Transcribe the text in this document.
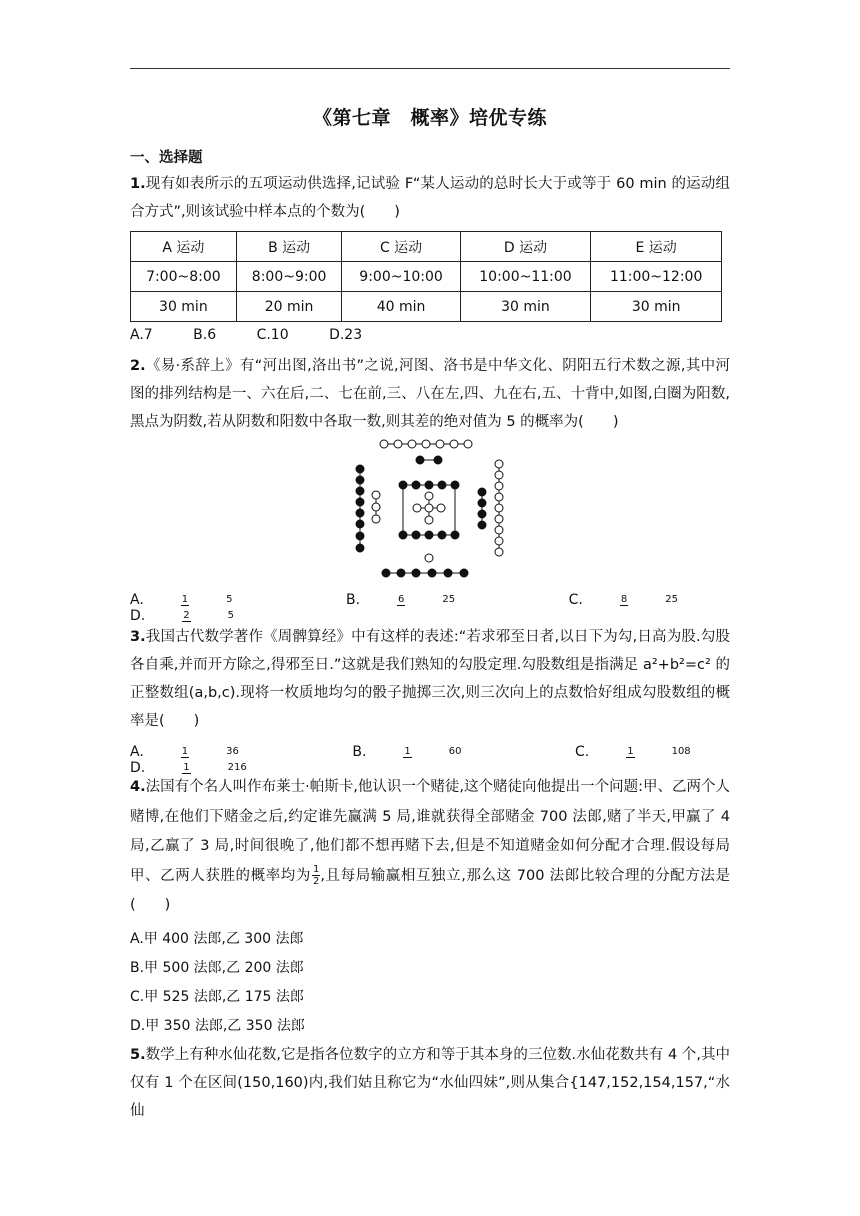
《第七章　概率》培优专练
一、选择题
1.现有如表所示的五项运动供选择,记试验 F“某人运动的总时长大于或等于 60 min 的运动组合方式”,则该试验中样本点的个数为(　　)
A 运动	B 运动	C 运动	D 运动	E 运动
7:00~8:00	8:00~9:00	9:00~10:00	10:00~11:00	11:00~12:00
30 min	20 min	40 min	30 min	30 min
A.7	B.6	C.10	D.23
2.《易·系辞上》有“河出图,洛出书”之说,河图、洛书是中华文化、阴阳五行术数之源,其中河图的排列结构是一、六在后,二、七在前,三、八在左,四、九在右,五、十背中,如图,白圈为阳数,黑点为阴数,若从阴数和阳数中各取一数,则其差的绝对值为 5 的概率为(　　)
A.	1	5	B.	6	25	C.	8	25 D.	2	5
3.我国古代数学著作《周髀算经》中有这样的表述:“若求邪至日者,以日下为勾,日高为股.勾股各自乘,并而开方除之,得邪至日.”这就是我们熟知的勾股定理.勾股数组是指满足 a²+b²=c² 的正整数组(a,b,c).现将一枚质地均匀的骰子抛掷三次,则三次向上的点数恰好组成勾股数组的概率是(　　)
A.	1	36	B.	1	60	C.	1	108 D.	1	216
4.法国有个名人叫作布莱士·帕斯卡,他认识一个赌徒,这个赌徒向他提出一个问题:甲、乙两个人赌博,在他们下赌金之后,约定谁先赢满 5 局,谁就获得全部赌金 700 法郎,赌了半天,甲赢了 4 局,乙赢了 3 局,时间很晚了,他们都不想再赌下去,但是不知道赌金如何分配才合理.假设每局甲、乙两人获胜的概率均为 $\frac{1}{2}$ ,且每局输赢相互独立,那么这 700 法郎比较合理的分配方法是(　　)
A.甲 400 法郎,乙 300 法郎
B.甲 500 法郎,乙 200 法郎
C.甲 525 法郎,乙 175 法郎
D.甲 350 法郎,乙 350 法郎
5.数学上有种水仙花数,它是指各位数字的立方和等于其本身的三位数.水仙花数共有 4 个,其中仅有 1 个在区间(150,160)内,我们姑且称它为“水仙四妹”,则从集合{147,152,154,157,“水仙
